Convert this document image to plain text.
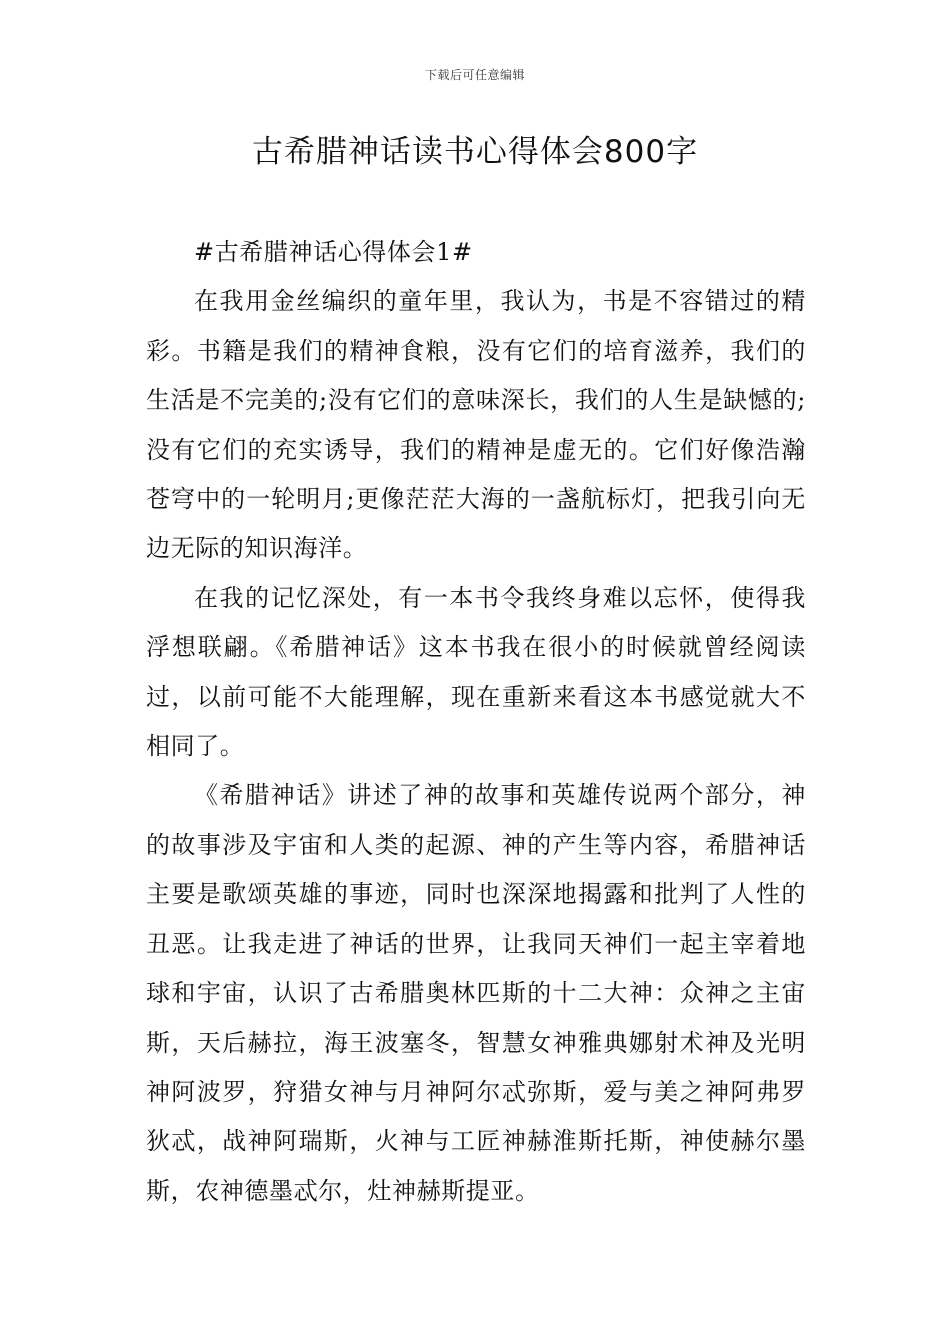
下载后可任意编辑
古希腊神话读书心得体会800字

#古希腊神话心得体会1#

在我用金丝编织的童年里，我认为，书是不容错过的精彩。书籍是我们的精神食粮，没有它们的培育滋养，我们的生活是不完美的;没有它们的意味深长，我们的人生是缺憾的;没有它们的充实诱导，我们的精神是虚无的。它们好像浩瀚苍穹中的一轮明月;更像茫茫大海的一盏航标灯，把我引向无边无际的知识海洋。

在我的记忆深处，有一本书令我终身难以忘怀，使得我浮想联翩。《希腊神话》这本书我在很小的时候就曾经阅读过，以前可能不大能理解，现在重新来看这本书感觉就大不相同了。

《希腊神话》讲述了神的故事和英雄传说两个部分，神的故事涉及宇宙和人类的起源、神的产生等内容，希腊神话主要是歌颂英雄的事迹，同时也深深地揭露和批判了人性的丑恶。让我走进了神话的世界，让我同天神们一起主宰着地球和宇宙，认识了古希腊奥林匹斯的十二大神：众神之主宙斯，天后赫拉，海王波塞冬，智慧女神雅典娜射术神及光明神阿波罗，狩猎女神与月神阿尔忒弥斯，爱与美之神阿弗罗狄忒，战神阿瑞斯，火神与工匠神赫淮斯托斯，神使赫尔墨斯，农神德墨忒尔，灶神赫斯提亚。
